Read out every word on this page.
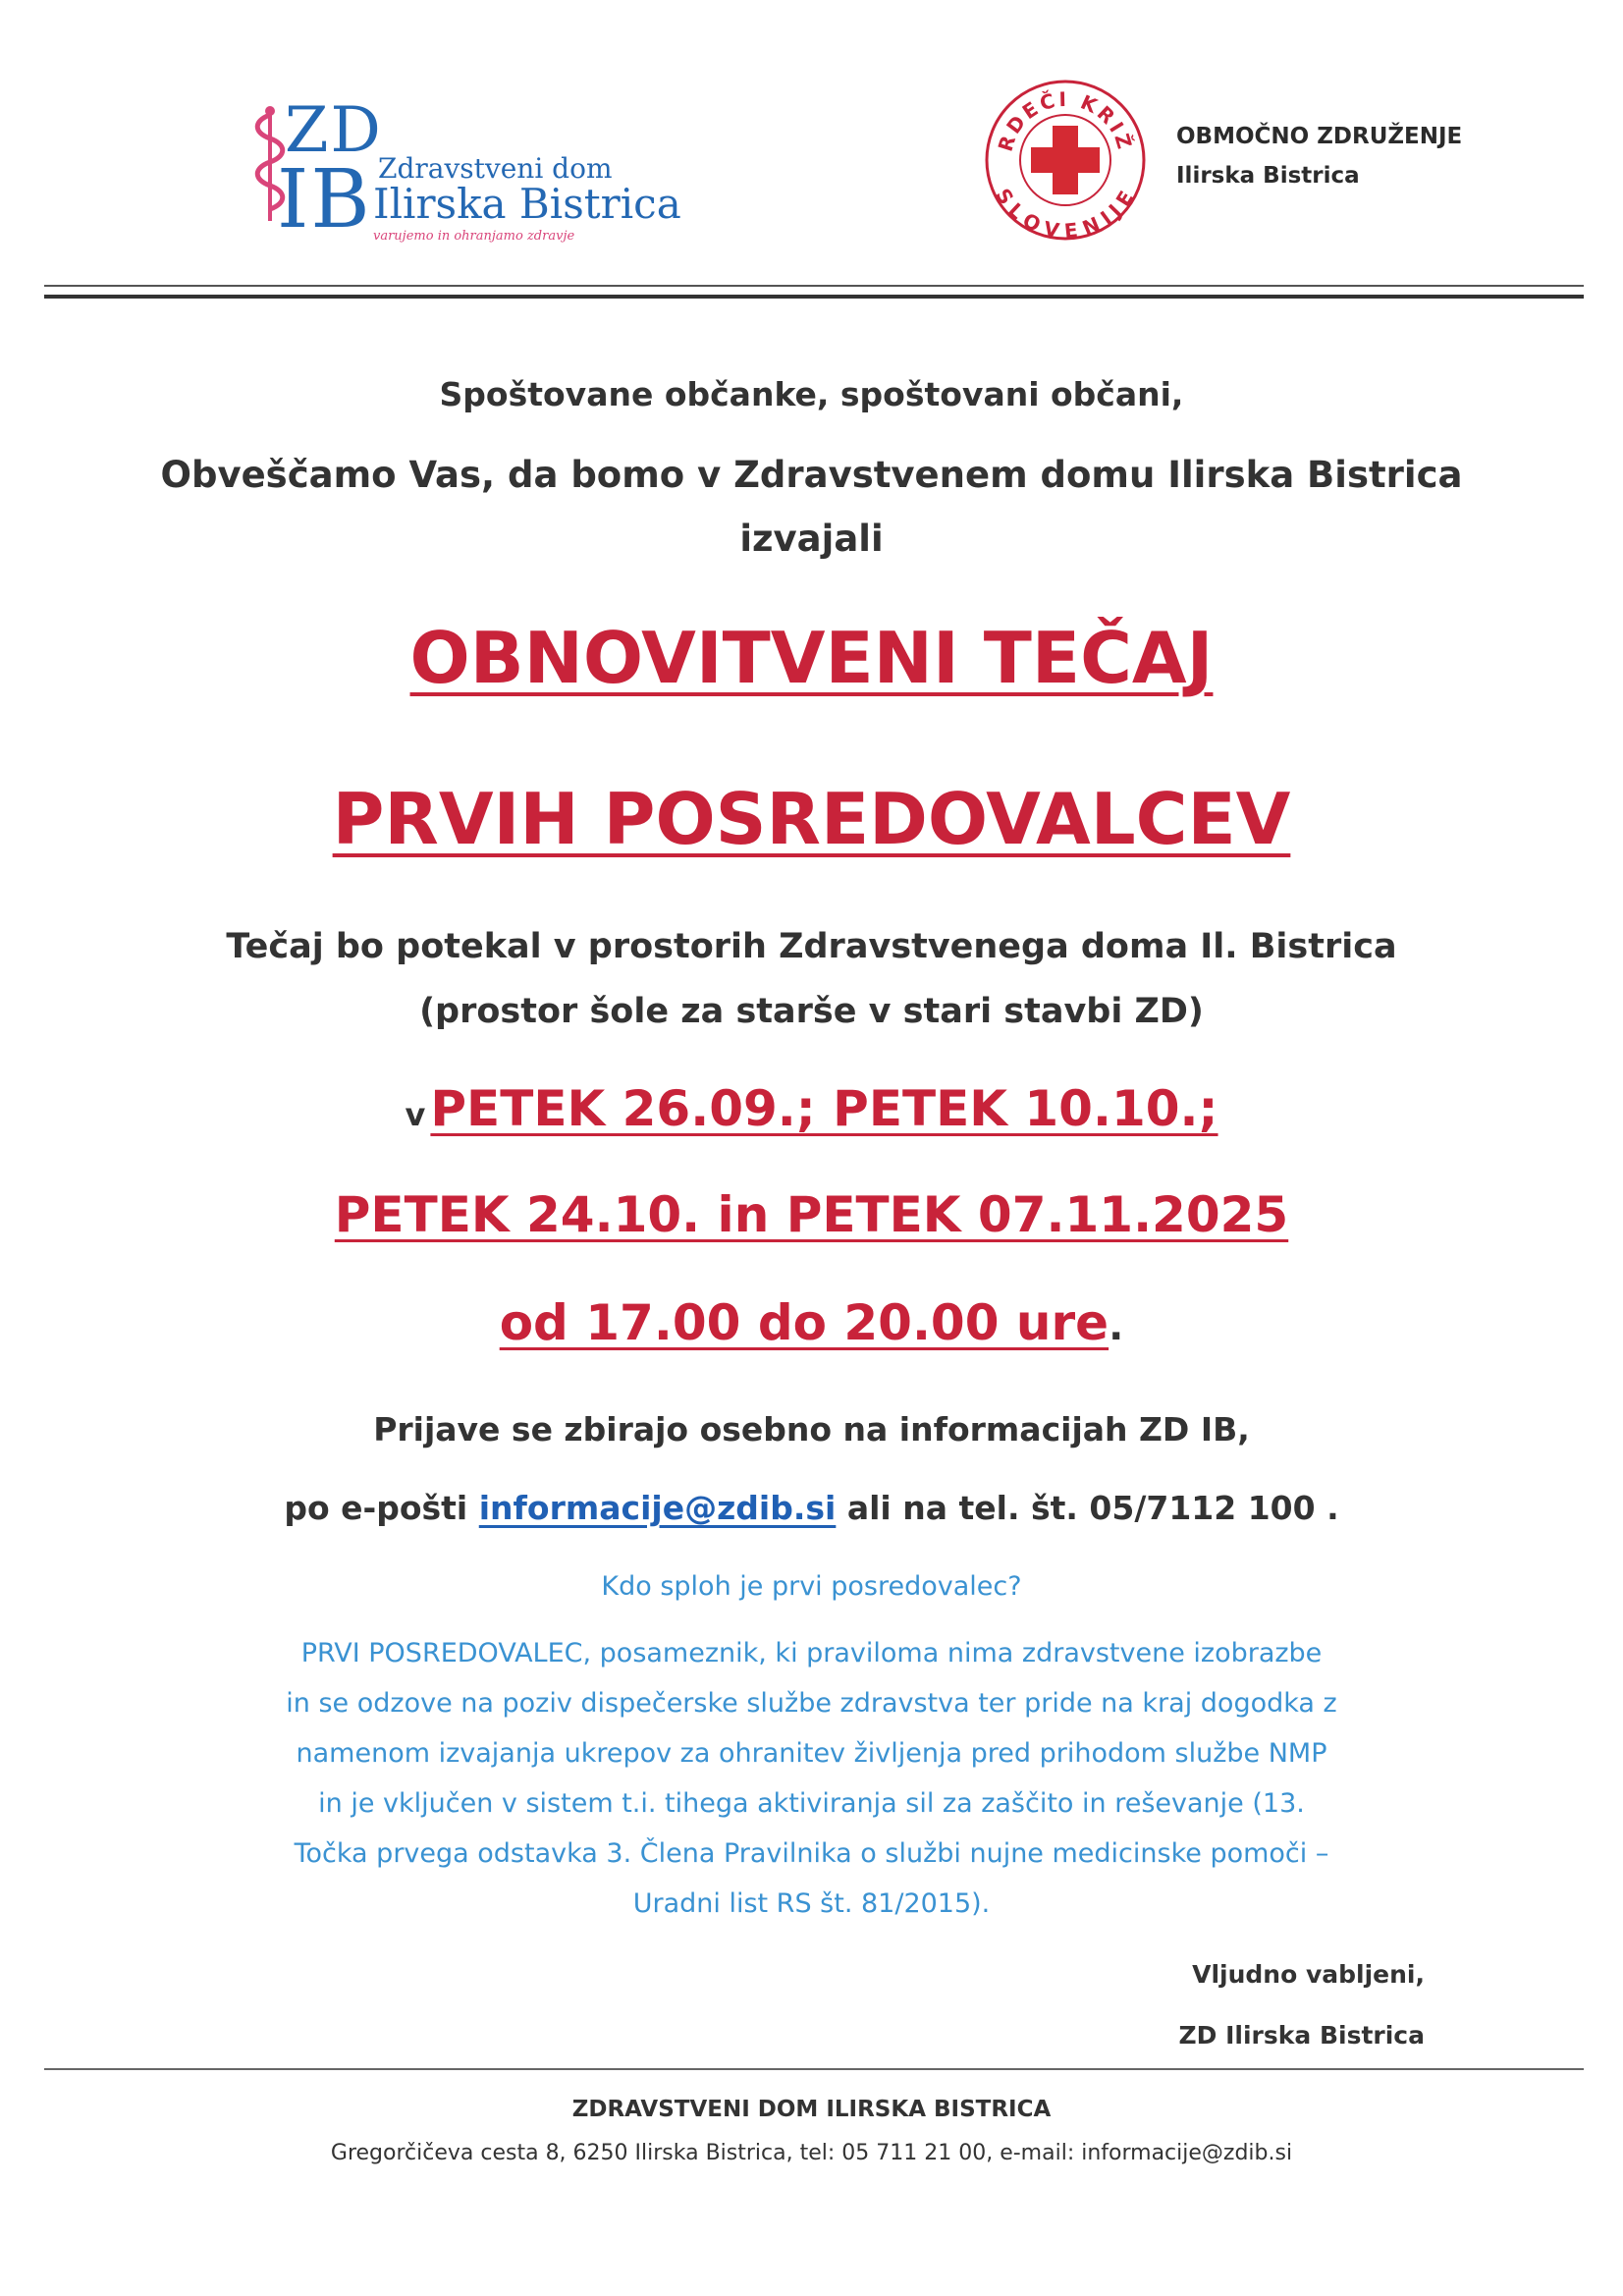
ZD
IB Zdravstveni dom
Ilirska Bistrica
varujemo in ohranjamo zdravje
RDEČI KRIŽ
SLOVENIJE
OBMOČNO ZDRUŽENJE
Ilirska Bistrica
Spoštovane občanke, spoštovani občani,
Obveščamo Vas, da bomo v Zdravstvenem domu Ilirska Bistrica
izvajali
OBNOVITVENI TEČAJ
PRVIH POSREDOVALCEV
Tečaj bo potekal v prostorih Zdravstvenega doma Il. Bistrica
(prostor šole za starše v stari stavbi ZD)
v PETEK 26.09.; PETEK 10.10.;
PETEK 24.10. in PETEK 07.11.2025
od 17.00 do 20.00 ure.
Prijave se zbirajo osebno na informacijah ZD IB,
po e-pošti informacije@zdib.si ali na tel. št. 05/7112 100 .
Kdo sploh je prvi posredovalec?
PRVI POSREDOVALEC, posameznik, ki praviloma nima zdravstvene izobrazbe
in se odzove na poziv dispečerske službe zdravstva ter pride na kraj dogodka z
namenom izvajanja ukrepov za ohranitev življenja pred prihodom službe NMP
in je vključen v sistem t.i. tihega aktiviranja sil za zaščito in reševanje (13.
Točka prvega odstavka 3. Člena Pravilnika o službi nujne medicinske pomoči –
Uradni list RS št. 81/2015).
Vljudno vabljeni,
ZD Ilirska Bistrica
ZDRAVSTVENI DOM ILIRSKA BISTRICA
Gregorčičeva cesta 8, 6250 Ilirska Bistrica, tel: 05 711 21 00, e-mail: informacije@zdib.si
